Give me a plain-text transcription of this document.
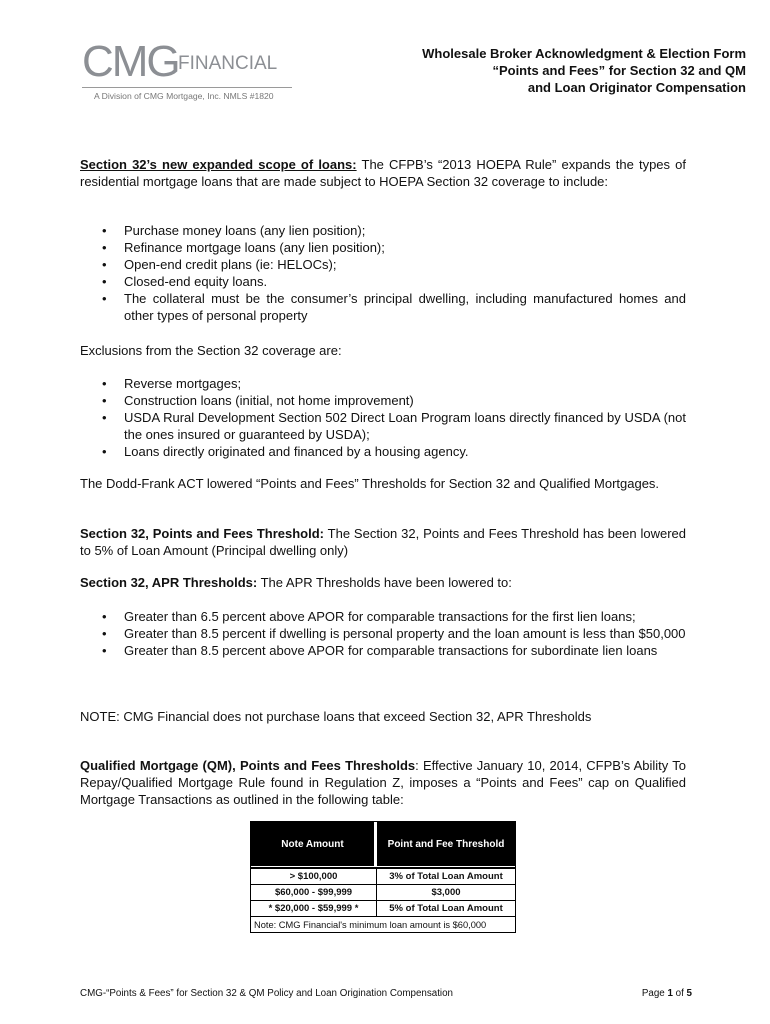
CMG FINANCIAL
A Division of CMG Mortgage, Inc. NMLS #1820
Wholesale Broker Acknowledgment & Election Form
“Points and Fees” for Section 32 and QM
and Loan Originator Compensation
Section 32’s new expanded scope of loans: The CFPB’s “2013 HOEPA Rule” expands the types of residential mortgage loans that are made subject to HOEPA Section 32 coverage to include:
• Purchase money loans (any lien position);
• Refinance mortgage loans (any lien position);
• Open-end credit plans (ie: HELOCs);
• Closed-end equity loans.
• The collateral must be the consumer’s principal dwelling, including manufactured homes and other types of personal property
Exclusions from the Section 32 coverage are:
• Reverse mortgages;
• Construction loans (initial, not home improvement)
• USDA Rural Development Section 502 Direct Loan Program loans directly financed by USDA (not the ones insured or guaranteed by USDA);
• Loans directly originated and financed by a housing agency.
The Dodd-Frank ACT lowered “Points and Fees” Thresholds for Section 32 and Qualified Mortgages.
Section 32, Points and Fees Threshold: The Section 32, Points and Fees Threshold has been lowered to 5% of Loan Amount (Principal dwelling only)
Section 32, APR Thresholds: The APR Thresholds have been lowered to:
• Greater than 6.5 percent above APOR for comparable transactions for the first lien loans;
• Greater than 8.5 percent if dwelling is personal property and the loan amount is less than $50,000
• Greater than 8.5 percent above APOR for comparable transactions for subordinate lien loans
NOTE: CMG Financial does not purchase loans that exceed Section 32, APR Thresholds
Qualified Mortgage (QM), Points and Fees Thresholds: Effective January 10, 2014, CFPB’s Ability To Repay/Qualified Mortgage Rule found in Regulation Z, imposes a “Points and Fees” cap on Qualified Mortgage Transactions as outlined in the following table:
Note Amount	Point and Fee Threshold
> $100,000	3% of Total Loan Amount
$60,000 - $99,999	$3,000
* $20,000 - $59,999 *	5% of Total Loan Amount
Note: CMG Financial's minimum loan amount is $60,000
CMG-“Points & Fees” for Section 32 & QM Policy and Loan Origination Compensation	Page 1 of 5
